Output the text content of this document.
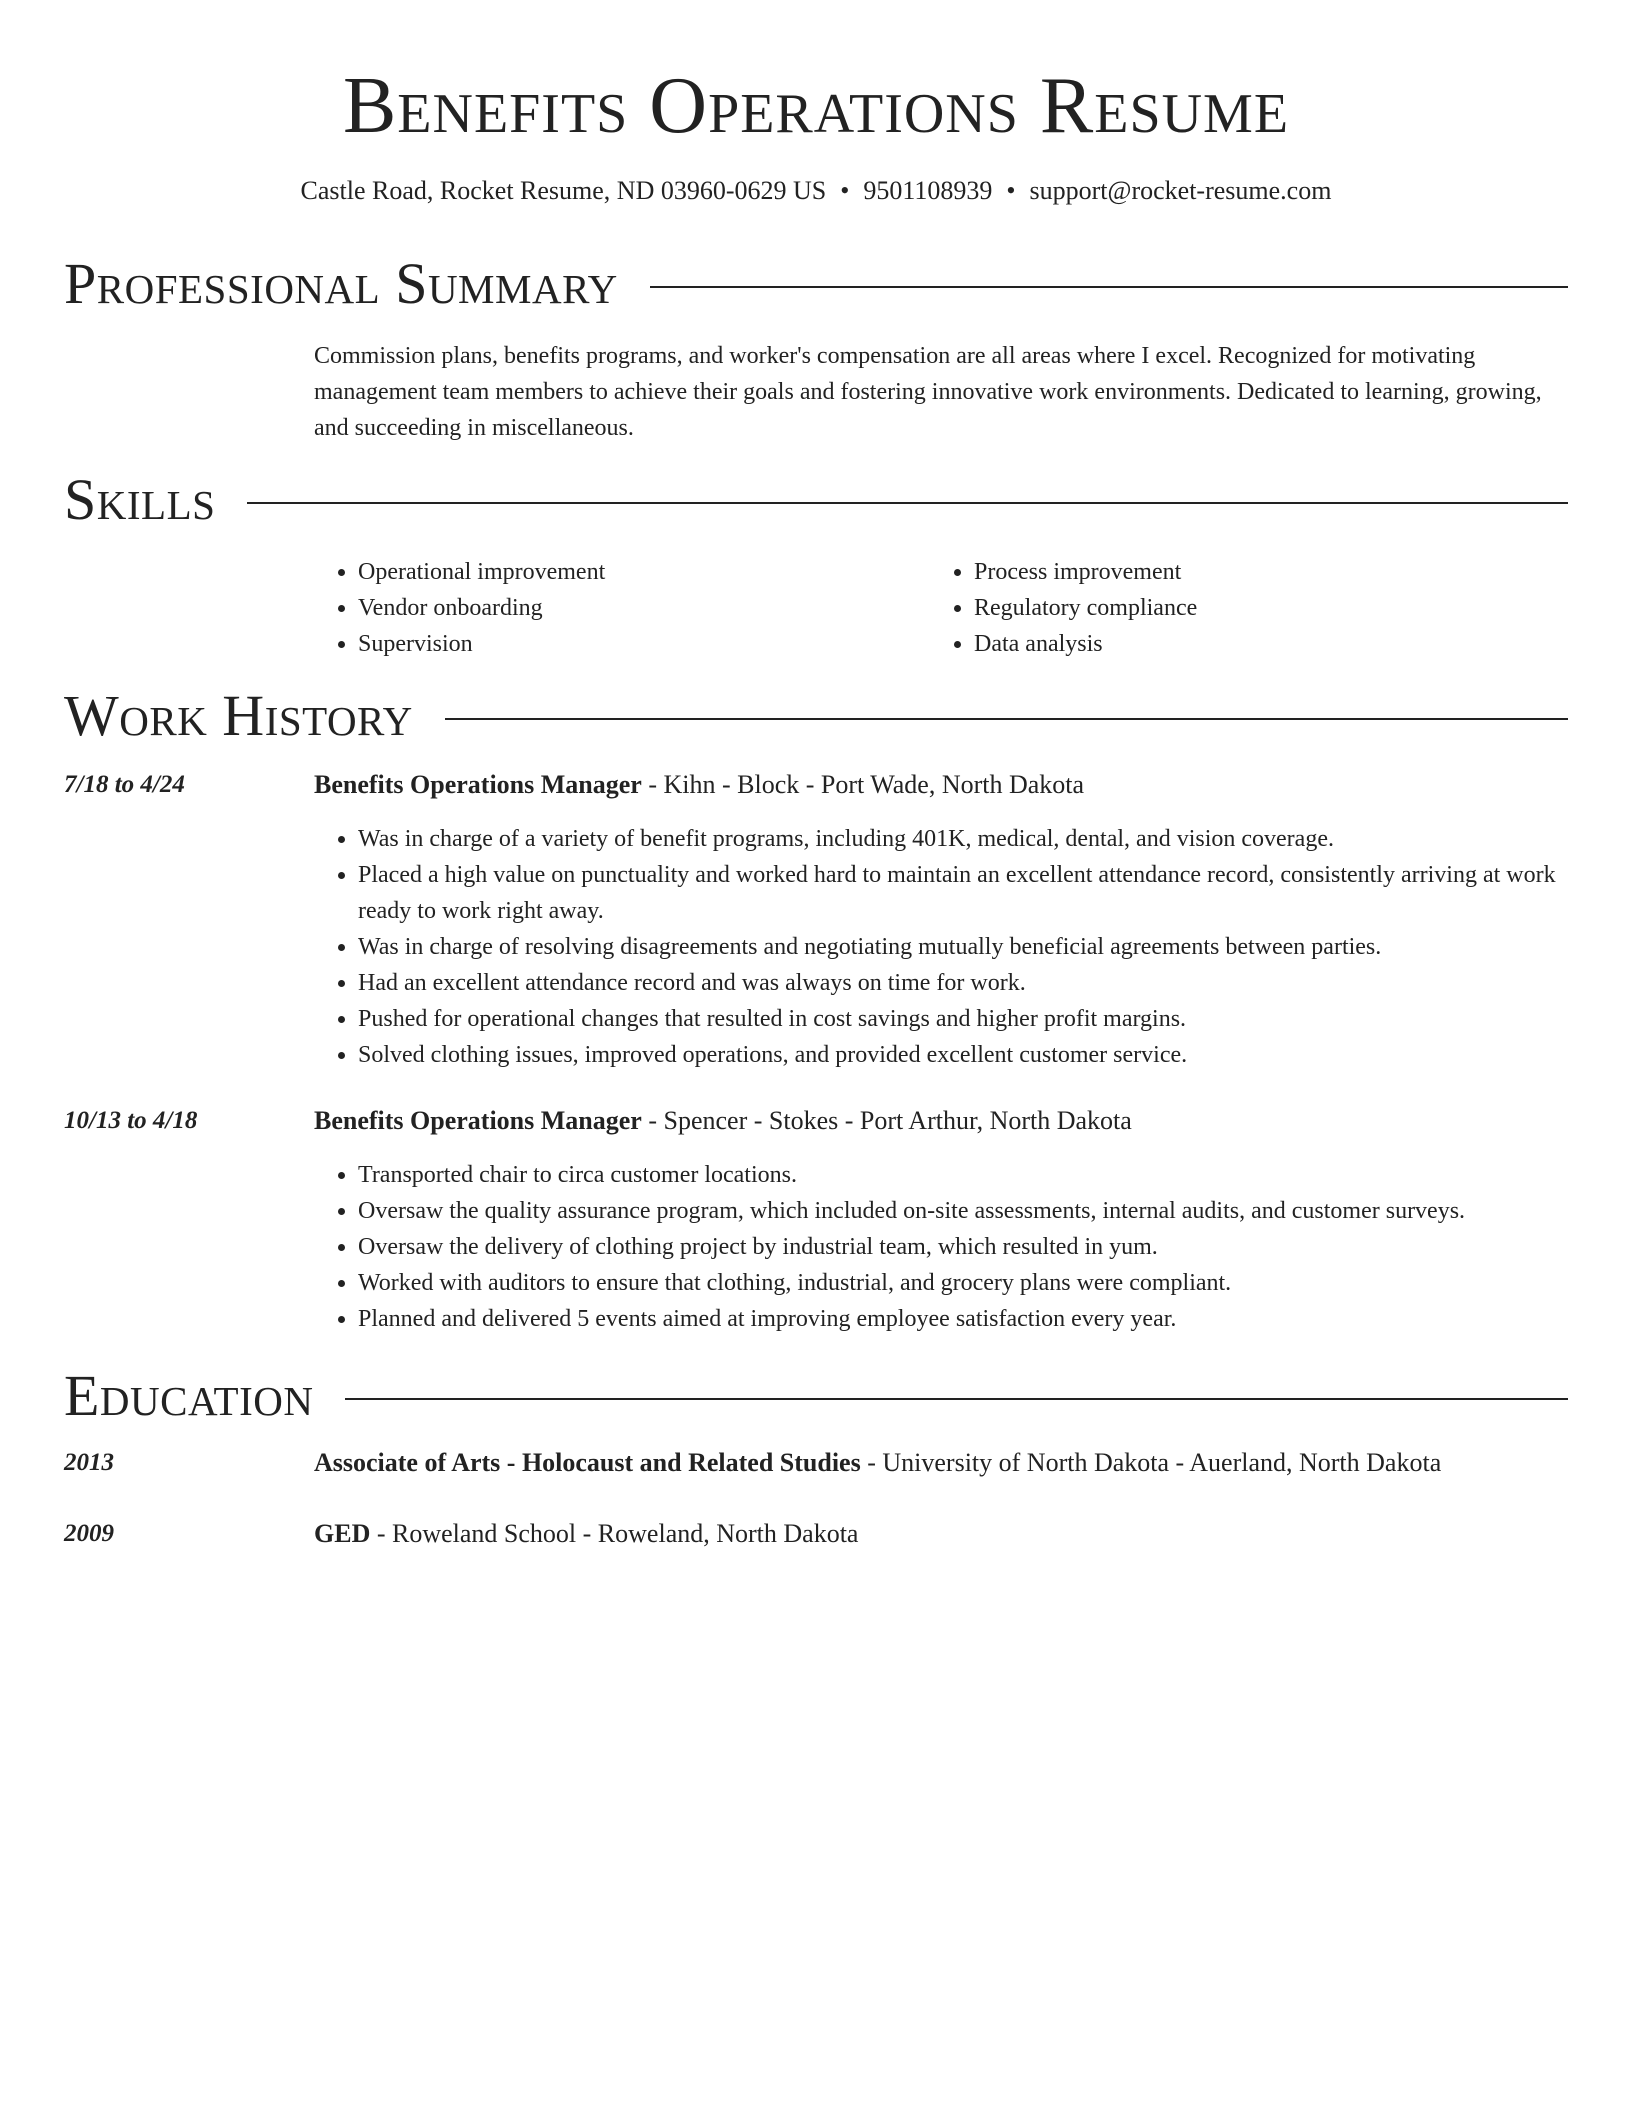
Benefits Operations Resume
Castle Road, Rocket Resume, ND 03960-0629 US • 9501108939 • support@rocket-resume.com
Professional Summary

Commission plans, benefits programs, and worker's compensation are all areas where I excel. Recognized for motivating management team members to achieve their goals and fostering innovative work environments. Dedicated to learning, growing, and succeeding in miscellaneous.

Skills
• Operational improvement
• Vendor onboarding
• Supervision
• Process improvement
• Regulatory compliance
• Data analysis
Work History
7/18 to 4/24	Benefits Operations Manager - Kihn - Block - Port Wade, North Dakota
• Was in charge of a variety of benefit programs, including 401K, medical, dental, and vision coverage.
• Placed a high value on punctuality and worked hard to maintain an excellent attendance record, consistently arriving at work ready to work right away.
• Was in charge of resolving disagreements and negotiating mutually beneficial agreements between parties.
• Had an excellent attendance record and was always on time for work.
• Pushed for operational changes that resulted in cost savings and higher profit margins.
• Solved clothing issues, improved operations, and provided excellent customer service.
10/13 to 4/18	Benefits Operations Manager - Spencer - Stokes - Port Arthur, North Dakota
• Transported chair to circa customer locations.
• Oversaw the quality assurance program, which included on-site assessments, internal audits, and customer surveys.
• Oversaw the delivery of clothing project by industrial team, which resulted in yum.
• Worked with auditors to ensure that clothing, industrial, and grocery plans were compliant.
• Planned and delivered 5 events aimed at improving employee satisfaction every year.
Education
2013	Associate of Arts - Holocaust and Related Studies - University of North Dakota - Auerland, North Dakota
2009	GED - Roweland School - Roweland, North Dakota
